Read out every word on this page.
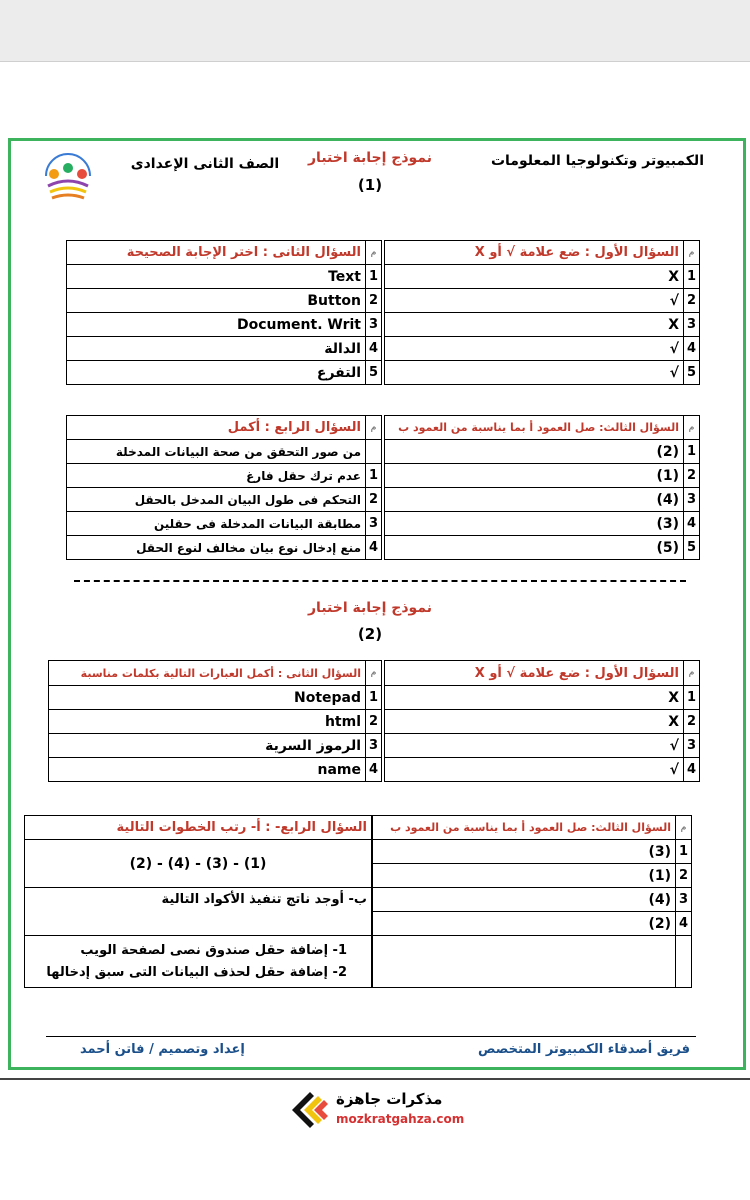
الكمبيوتر وتكنولوجيا المعلومات
نموذج إجابة اختبار
(1)
الصف الثانى الإعدادى
م	السؤال الأول : ضع علامة √ أو X
1	X
2	√
3	X
4	√
5	√
م	السؤال الثانى : اختر الإجابة الصحيحة
1	Text
2	Button
3	Document. Writ
4	الدالة
5	التفرع
م	السؤال الثالث: صل العمود أ بما يناسبة من العمود ب
1	(2)
2	(1)
3	(4)
4	(3)
5	(5)
م	السؤال الرابع : أكمل
	من صور التحقق من صحة البيانات المدخلة
1	عدم ترك حقل فارغ
2	التحكم فى طول البيان المدخل بالحقل
3	مطابقة البيانات المدخلة فى حقلين
4	منع إدخال نوع بيان مخالف لنوع الحقل
نموذج إجابة اختبار
(2)
م	السؤال الأول : ضع علامة √ أو X
1	X
2	X
3	√
4	√
م	السؤال الثانى : أكمل العبارات التالية بكلمات مناسبة
1	Notepad
2	html
3	الرموز السرية
4	name
م	السؤال الثالث: صل العمود أ بما يناسبة من العمود ب
1	(3)
2	(1)
3	(4)
4	(2)

السؤال الرابع- : أ- رتب الخطوات التالية
(2) - (4) - (3) - (1)
ب- أوجد ناتج تنفيذ الأكواد التالية

1- إضافة حقل صندوق نصى لصفحة الويب
2- إضافة حقل لحذف البيانات التى سبق إدخالها
فريق أصدقاء الكمبيوتر المتخصص
إعداد وتصميم / فاتن أحمد
مذكرات جاهزة
mozkratgahza.com
